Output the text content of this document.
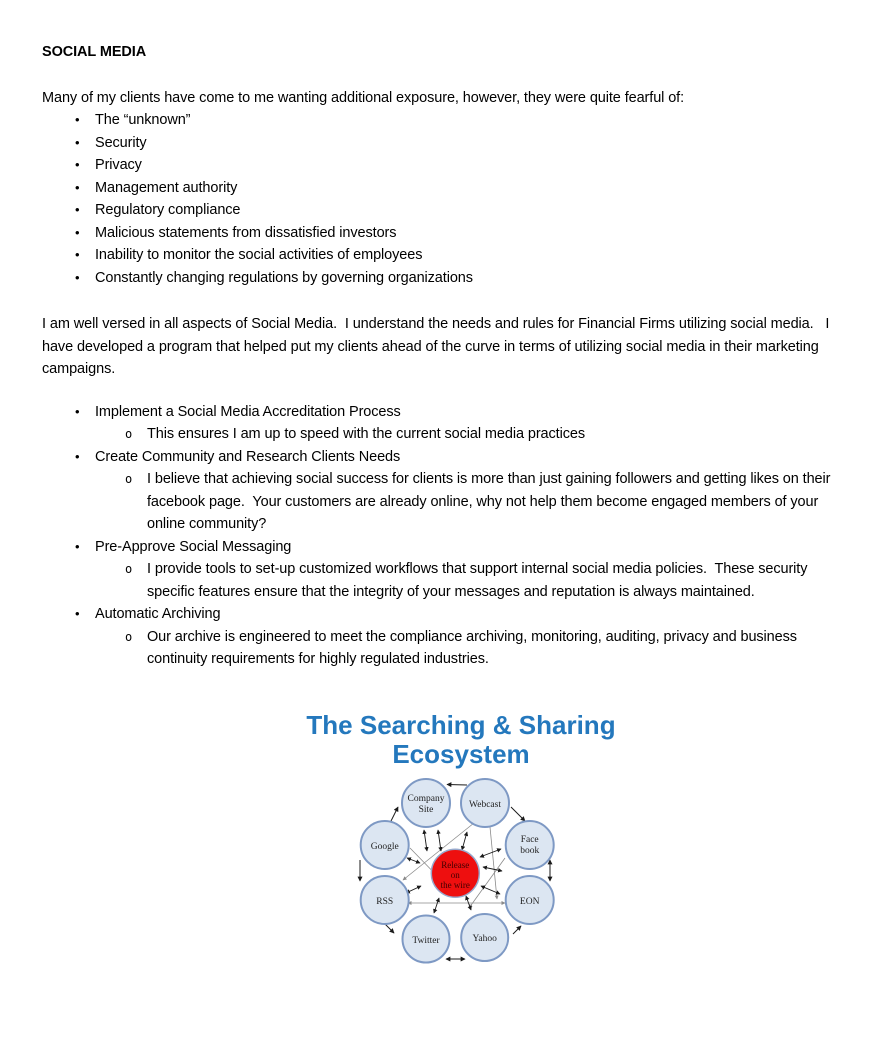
SOCIAL MEDIA

Many of my clients have come to me wanting additional exposure, however, they were quite fearful of:

•	The “unknown”
•	Security
•	Privacy
•	Management authority
•	Regulatory compliance
•	Malicious statements from dissatisfied investors
•	Inability to monitor the social activities of employees
•	Constantly changing regulations by governing organizations

I am well versed in all aspects of Social Media.  I understand the needs and rules for Financial Firms utilizing social media.   I have developed a program that helped put my clients ahead of the curve in terms of utilizing social media in their marketing campaigns.

•	Implement a Social Media Accreditation Process
o	This ensures I am up to speed with the current social media practices
•	Create Community and Research Clients Needs
o	I believe that achieving social success for clients is more than just gaining followers and getting likes on their facebook page.  Your customers are already online, why not help them become engaged members of your online community?
•	Pre-Approve Social Messaging
o	I provide tools to set-up customized workflows that support internal social media policies.  These security specific features ensure that the integrity of your messages and reputation is always maintained.
•	Automatic Archiving
o	Our archive is engineered to meet the compliance archiving, monitoring, auditing, privacy and business continuity requirements for highly regulated industries.
The Searching & Sharing
Ecosystem
Company
Site	Webcast
Google
Face
book
RSS	EON
Twitter	Yahoo
Release
on
the wire
